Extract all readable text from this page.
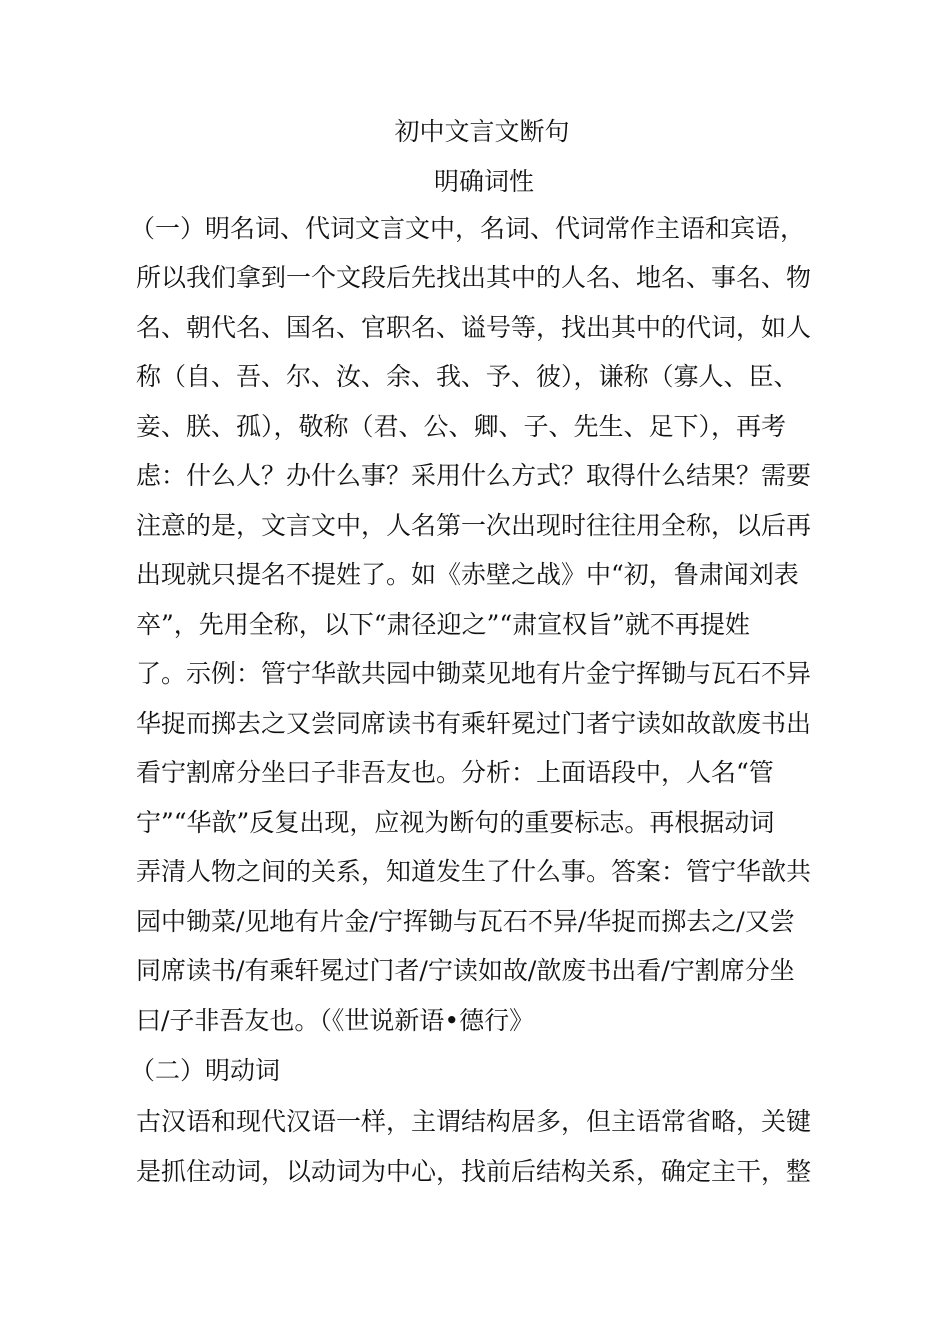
初中文言文断句
明确词性
（一）明名词、代词文言文中，名词、代词常作主语和宾语，
所以我们拿到一个文段后先找出其中的人名、地名、事名、物
名、朝代名、国名、官职名、谥号等，找出其中的代词，如人
称（自、吾、尔、汝、余、我、予、彼），谦称（寡人、臣、
妾、朕、孤），敬称（君、公、卿、子、先生、足下），再考
虑：什么人？办什么事？采用什么方式？取得什么结果？需要
注意的是，文言文中，人名第一次出现时往往用全称，以后再
出现就只提名不提姓了。如《赤壁之战》中“初，鲁肃闻刘表
卒”，先用全称，以下“肃径迎之”“肃宣权旨”就不再提姓
了。示例：管宁华歆共园中锄菜见地有片金宁挥锄与瓦石不异
华捉而掷去之又尝同席读书有乘轩冕过门者宁读如故歆废书出
看宁割席分坐曰子非吾友也。分析：上面语段中，人名“管
宁”“华歆”反复出现，应视为断句的重要标志。再根据动词
弄清人物之间的关系，知道发生了什么事。答案：管宁华歆共
园中锄菜/见地有片金/宁挥锄与瓦石不异/华捉而掷去之/又尝
同席读书/有乘轩冕过门者/宁读如故/歆废书出看/宁割席分坐
曰/子非吾友也。（《世说新语•德行》
（二）明动词
古汉语和现代汉语一样，主谓结构居多，但主语常省略，关键
是抓住动词，以动词为中心，找前后结构关系，确定主干，整
